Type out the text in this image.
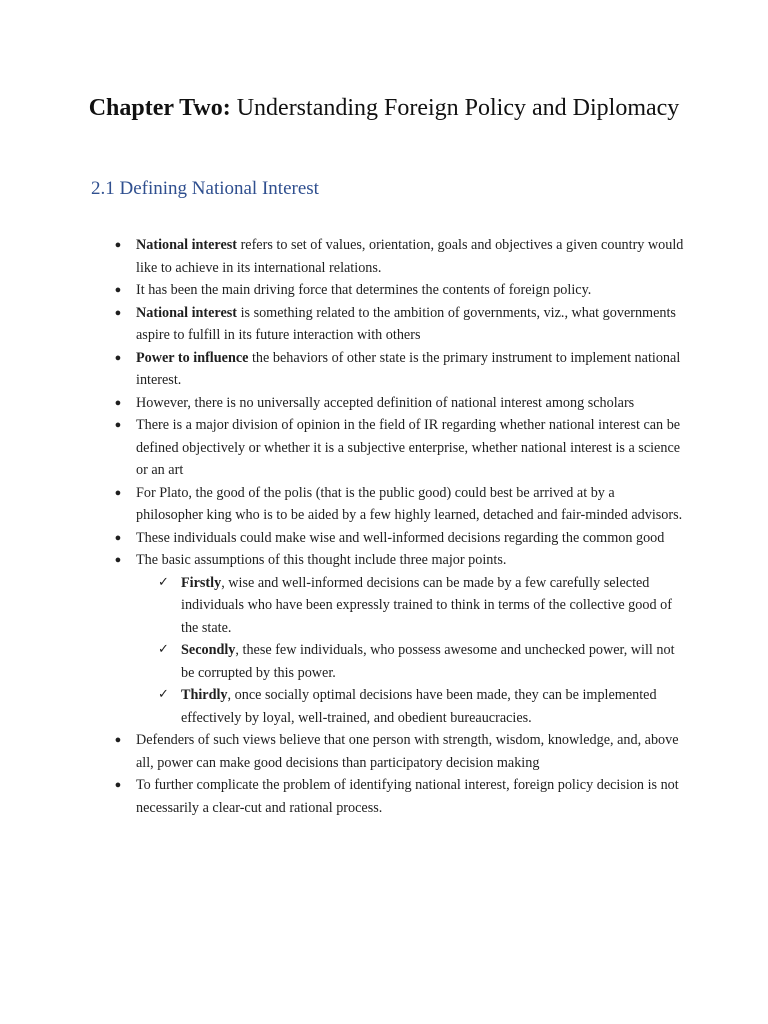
Chapter Two: Understanding Foreign Policy and Diplomacy
2.1 Defining National Interest
● National interest refers to set of values, orientation, goals and objectives a given country would like to achieve in its international relations.
● It has been the main driving force that determines the contents of foreign policy.
● National interest is something related to the ambition of governments, viz., what governments aspire to fulfill in its future interaction with others
● Power to influence the behaviors of other state is the primary instrument to implement national interest.
● However, there is no universally accepted definition of national interest among scholars
● There is a major division of opinion in the field of IR regarding whether national interest can be defined objectively or whether it is a subjective enterprise, whether national interest is a science or an art
● For Plato, the good of the polis (that is the public good) could best be arrived at by a philosopher king who is to be aided by a few highly learned, detached and fair-minded advisors.
● These individuals could make wise and well-informed decisions regarding the common good
● The basic assumptions of this thought include three major points.
✓ Firstly, wise and well-informed decisions can be made by a few carefully selected individuals who have been expressly trained to think in terms of the collective good of the state.
✓ Secondly, these few individuals, who possess awesome and unchecked power, will not be corrupted by this power.
✓ Thirdly, once socially optimal decisions have been made, they can be implemented effectively by loyal, well-trained, and obedient bureaucracies.
● Defenders of such views believe that one person with strength, wisdom, knowledge, and, above all, power can make good decisions than participatory decision making
● To further complicate the problem of identifying national interest, foreign policy decision is not necessarily a clear-cut and rational process.
